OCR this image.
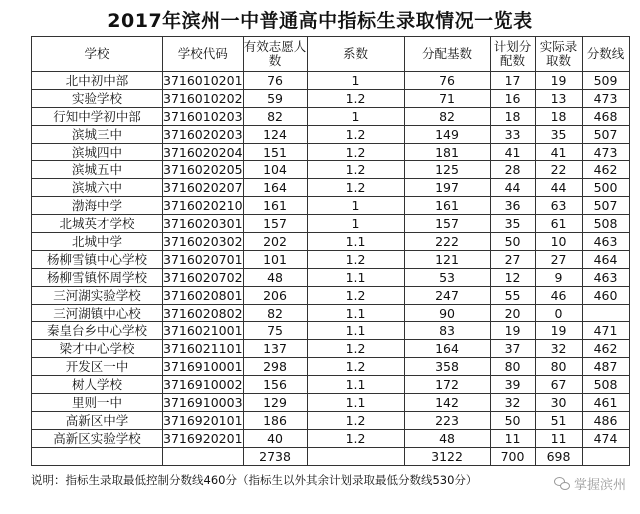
2017年滨州一中普通高中指标生录取情况一览表
学校	学校代码	有效志愿人数	系数	分配基数	计划分配数	实际录取数	分数线
北中初中部	3716010201	76	1	76	17	19	509
实验学校	3716010202	59	1.2	71	16	13	473
行知中学初中部	3716010203	82	1	82	18	18	468
滨城三中	3716020203	124	1.2	149	33	35	507
滨城四中	3716020204	151	1.2	181	41	41	473
滨城五中	3716020205	104	1.2	125	28	22	462
滨城六中	3716020207	164	1.2	197	44	44	500
渤海中学	3716020210	161	1	161	36	63	507
北城英才学校	3716020301	157	1	157	35	61	508
北城中学	3716020302	202	1.1	222	50	10	463
杨柳雪镇中心学校	3716020701	101	1.2	121	27	27	464
杨柳雪镇怀周学校	3716020702	48	1.1	53	12	9	463
三河湖实验学校	3716020801	206	1.2	247	55	46	460
三河湖镇中心校	3716020802	82	1.1	90	20	0	
秦皇台乡中心学校	3716021001	75	1.1	83	19	19	471
梁才中心学校	3716021101	137	1.2	164	37	32	462
开发区一中	3716910001	298	1.2	358	80	80	487
树人学校	3716910002	156	1.1	172	39	67	508
里则一中	3716910003	129	1.1	142	32	30	461
高新区中学	3716920101	186	1.2	223	50	51	486
高新区实验学校	3716920201	40	1.2	48	11	11	474
		2738		3122	700	698	
说明：指标生录取最低控制分数线460分（指标生以外其余计划录取最低分数线530分）	掌握滨州
